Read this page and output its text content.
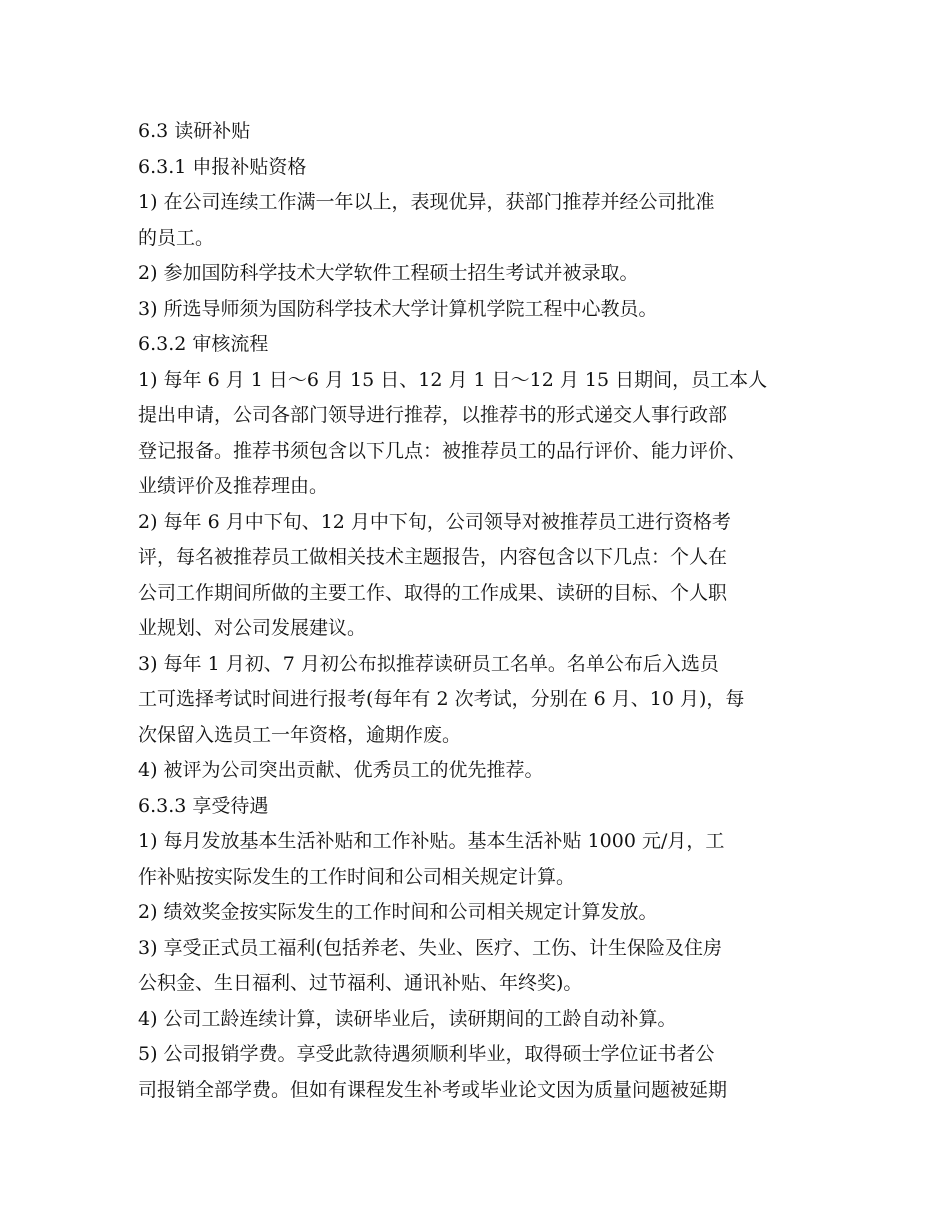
6.3 读研补贴
6.3.1 申报补贴资格
1) 在公司连续工作满一年以上，表现优异，获部门推荐并经公司批准
的员工。
2) 参加国防科学技术大学软件工程硕士招生考试并被录取。
3) 所选导师须为国防科学技术大学计算机学院工程中心教员。
6.3.2 审核流程
1) 每年 6 月 1 日～6 月 15 日、12 月 1 日～12 月 15 日期间，员工本人
提出申请，公司各部门领导进行推荐，以推荐书的形式递交人事行政部
登记报备。推荐书须包含以下几点：被推荐员工的品行评价、能力评价、
业绩评价及推荐理由。
2) 每年 6 月中下旬、12 月中下旬，公司领导对被推荐员工进行资格考
评，每名被推荐员工做相关技术主题报告，内容包含以下几点：个人在
公司工作期间所做的主要工作、取得的工作成果、读研的目标、个人职
业规划、对公司发展建议。
3) 每年 1 月初、7 月初公布拟推荐读研员工名单。名单公布后入选员
工可选择考试时间进行报考(每年有 2 次考试，分别在 6 月、10 月)，每
次保留入选员工一年资格，逾期作废。
4) 被评为公司突出贡献、优秀员工的优先推荐。
6.3.3 享受待遇
1) 每月发放基本生活补贴和工作补贴。基本生活补贴 1000 元/月，工
作补贴按实际发生的工作时间和公司相关规定计算。
2) 绩效奖金按实际发生的工作时间和公司相关规定计算发放。
3) 享受正式员工福利(包括养老、失业、医疗、工伤、计生保险及住房
公积金、生日福利、过节福利、通讯补贴、年终奖)。
4) 公司工龄连续计算，读研毕业后，读研期间的工龄自动补算。
5) 公司报销学费。享受此款待遇须顺利毕业，取得硕士学位证书者公
司报销全部学费。但如有课程发生补考或毕业论文因为质量问题被延期
